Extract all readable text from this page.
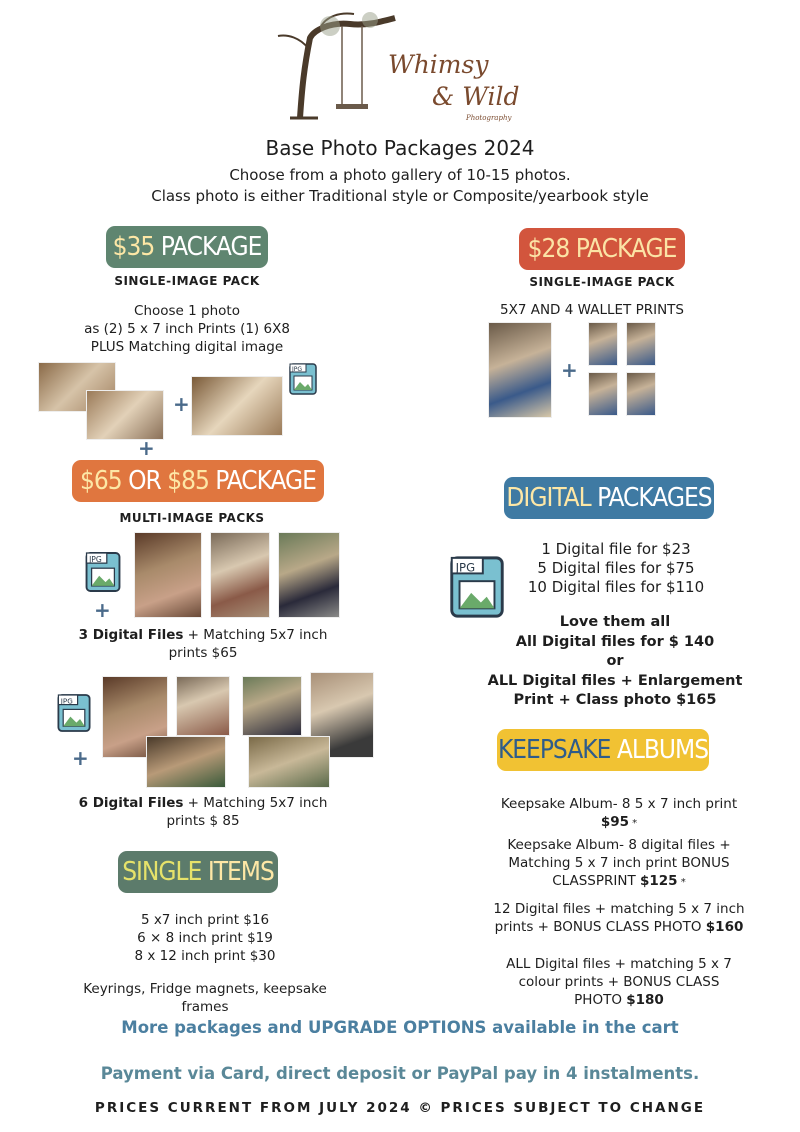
Whimsy
& Wild
Photography
Base Photo Packages 2024
Choose from a photo gallery of 10-15 photos.
Class photo is either Traditional style or Composite/yearbook style
$35
PACKAGE
SINGLE-IMAGE PACK
Choose 1 photo
as (2) 5 x 7 inch Prints (1) 6X8
PLUS Matching digital image
+
JPG
+
$28
PACKAGE
SINGLE-IMAGE PACK
5X7 AND 4 WALLET PRINTS
+
$65
OR
$85
PACKAGE
MULTI-IMAGE PACKS
JPG
+
3 Digital Files + Matching 5x7 inch
prints $65
JPG
+
6 Digital Files + Matching 5x7 inch
prints $ 85
DIGITAL
PACKAGES
JPG
1 Digital file for $23
5 Digital files for $75
10 Digital files for $110
Love them all
All Digital files for $ 140
or
ALL Digital files + Enlargement
Print + Class photo $165
KEEPSAKE
ALBUMS
Keepsake Album- 8 5 x 7 inch print
$95 *
Keepsake Album- 8 digital files +
Matching 5 x 7 inch print BONUS
CLASSPRINT $125 *
12 Digital files + matching 5 x 7 inch
prints + BONUS CLASS PHOTO $160
ALL Digital files + matching 5 x 7
colour prints + BONUS CLASS
PHOTO $180
SINGLE
ITEMS
5 x7 inch print $16
6 × 8 inch print $19
8 x 12 inch print $30
Keyrings, Fridge magnets, keepsake
frames
More packages and UPGRADE OPTIONS available in the cart
Payment via Card, direct deposit or PayPal pay in 4 instalments.
PRICES CURRENT FROM JULY 2024 © PRICES SUBJECT TO CHANGE
